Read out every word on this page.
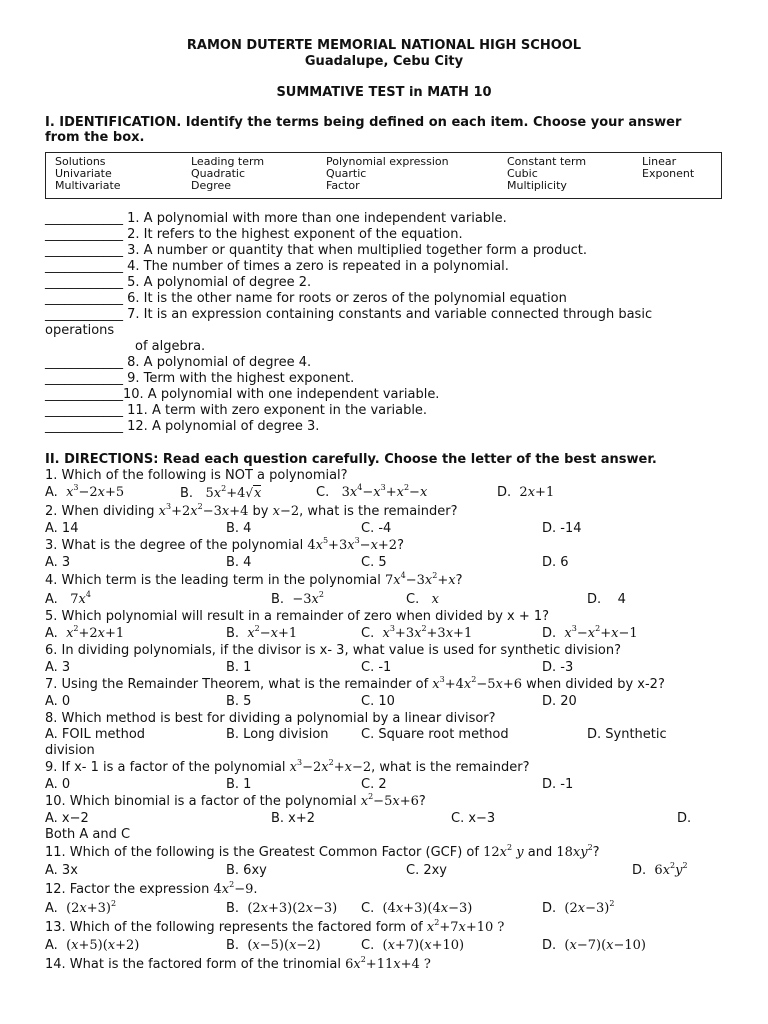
RAMON DUTERTE MEMORIAL NATIONAL HIGH SCHOOL
Guadalupe, Cebu City
SUMMATIVE TEST in MATH 10
I. IDENTIFICATION. Identify the terms being defined on each item. Choose your answer
from the box.
Solutions	Leading term	Polynomial expression	Constant term	Linear
Univariate	Quadratic	Quartic	Cubic	Exponent
Multivariate	Degree	Factor	Multiplicity
____________ 1. A polynomial with more than one independent variable.
____________ 2. It refers to the highest exponent of the equation.
____________ 3. A number or quantity that when multiplied together form a product.
____________ 4. The number of times a zero is repeated in a polynomial.
____________ 5. A polynomial of degree 2.
____________ 6. It is the other name for roots or zeros of the polynomial equation
____________ 7. It is an expression containing constants and variable connected through basic
operations
of algebra.
____________ 8. A polynomial of degree 4.
____________ 9. Term with the highest exponent.
____________10. A polynomial with one independent variable.
____________ 11. A term with zero exponent in the variable.
____________ 12. A polynomial of degree 3.
II. DIRECTIONS: Read each question carefully. Choose the letter of the best answer.
1. Which of the following is NOT a polynomial?
A. $x^3-2x+5$	B. $5x^2+4√x$	C. $3x^4-x^3+x^2-x$	D. 2x+1
2. When dividing $x^3+2x^2-3x+4$ by x−2, what is the remainder?
A. 14	B. 4	C. -4	D. -14
3. What is the degree of the polynomial $4x^5+3x^3-x+2$?
A. 3	B. 4	C. 5	D. 6
4. Which term is the leading term in the polynomial $7x^4-3x^2+x$?
A. $7x^4$	B. $-3x^2$	C. x	D.    4
5. Which polynomial will result in a remainder of zero when divided by x + 1?
A. $x^2+2x+1$	B. $x^2-x+1$	C. $x^3+3x^2+3x+1$	D. $x^3-x^2+x-1$
6. In dividing polynomials, if the divisor is x- 3, what value is used for synthetic division?
A. 3	B. 1	C. -1	D. -3
7. Using the Remainder Theorem, what is the remainder of $x^3+4x^2-5x+6$ when divided by x-2?
A. 0	B. 5	C. 10	D. 20
8. Which method is best for dividing a polynomial by a linear divisor?
A. FOIL method	B. Long division C. Square root method	D. Synthetic
division
9. If x- 1 is a factor of the polynomial $x^3-2x^2+x-2$, what is the remainder?
A. 0	B. 1	C. 2	D. -1
10. Which binomial is a factor of the polynomial $x^2-5x+6$?
A. x−2	B. x+2	C. x−3	D.
Both A and C
11. Which of the following is the Greatest Common Factor (GCF) of $12x^2$ y and $18xy^2$?
A. 3x	B. 6xy	C. 2xy	D. $6x^2y^2$
12. Factor the expression $4x^2-9$.
A. $(2x+3)^2$	B. (2x+3)(2x−3) C. (4x+3)(4x−3)	D. $(2x-3)^2$
13. Which of the following represents the factored form of $x^2+7x+10$ ?
A. (x+5)(x+2)	B. (x−5)(x−2)	C. (x+7)(x+10)	D. (x−7)(x−10)
14. What is the factored form of the trinomial $6x^2+11x+4$ ?
